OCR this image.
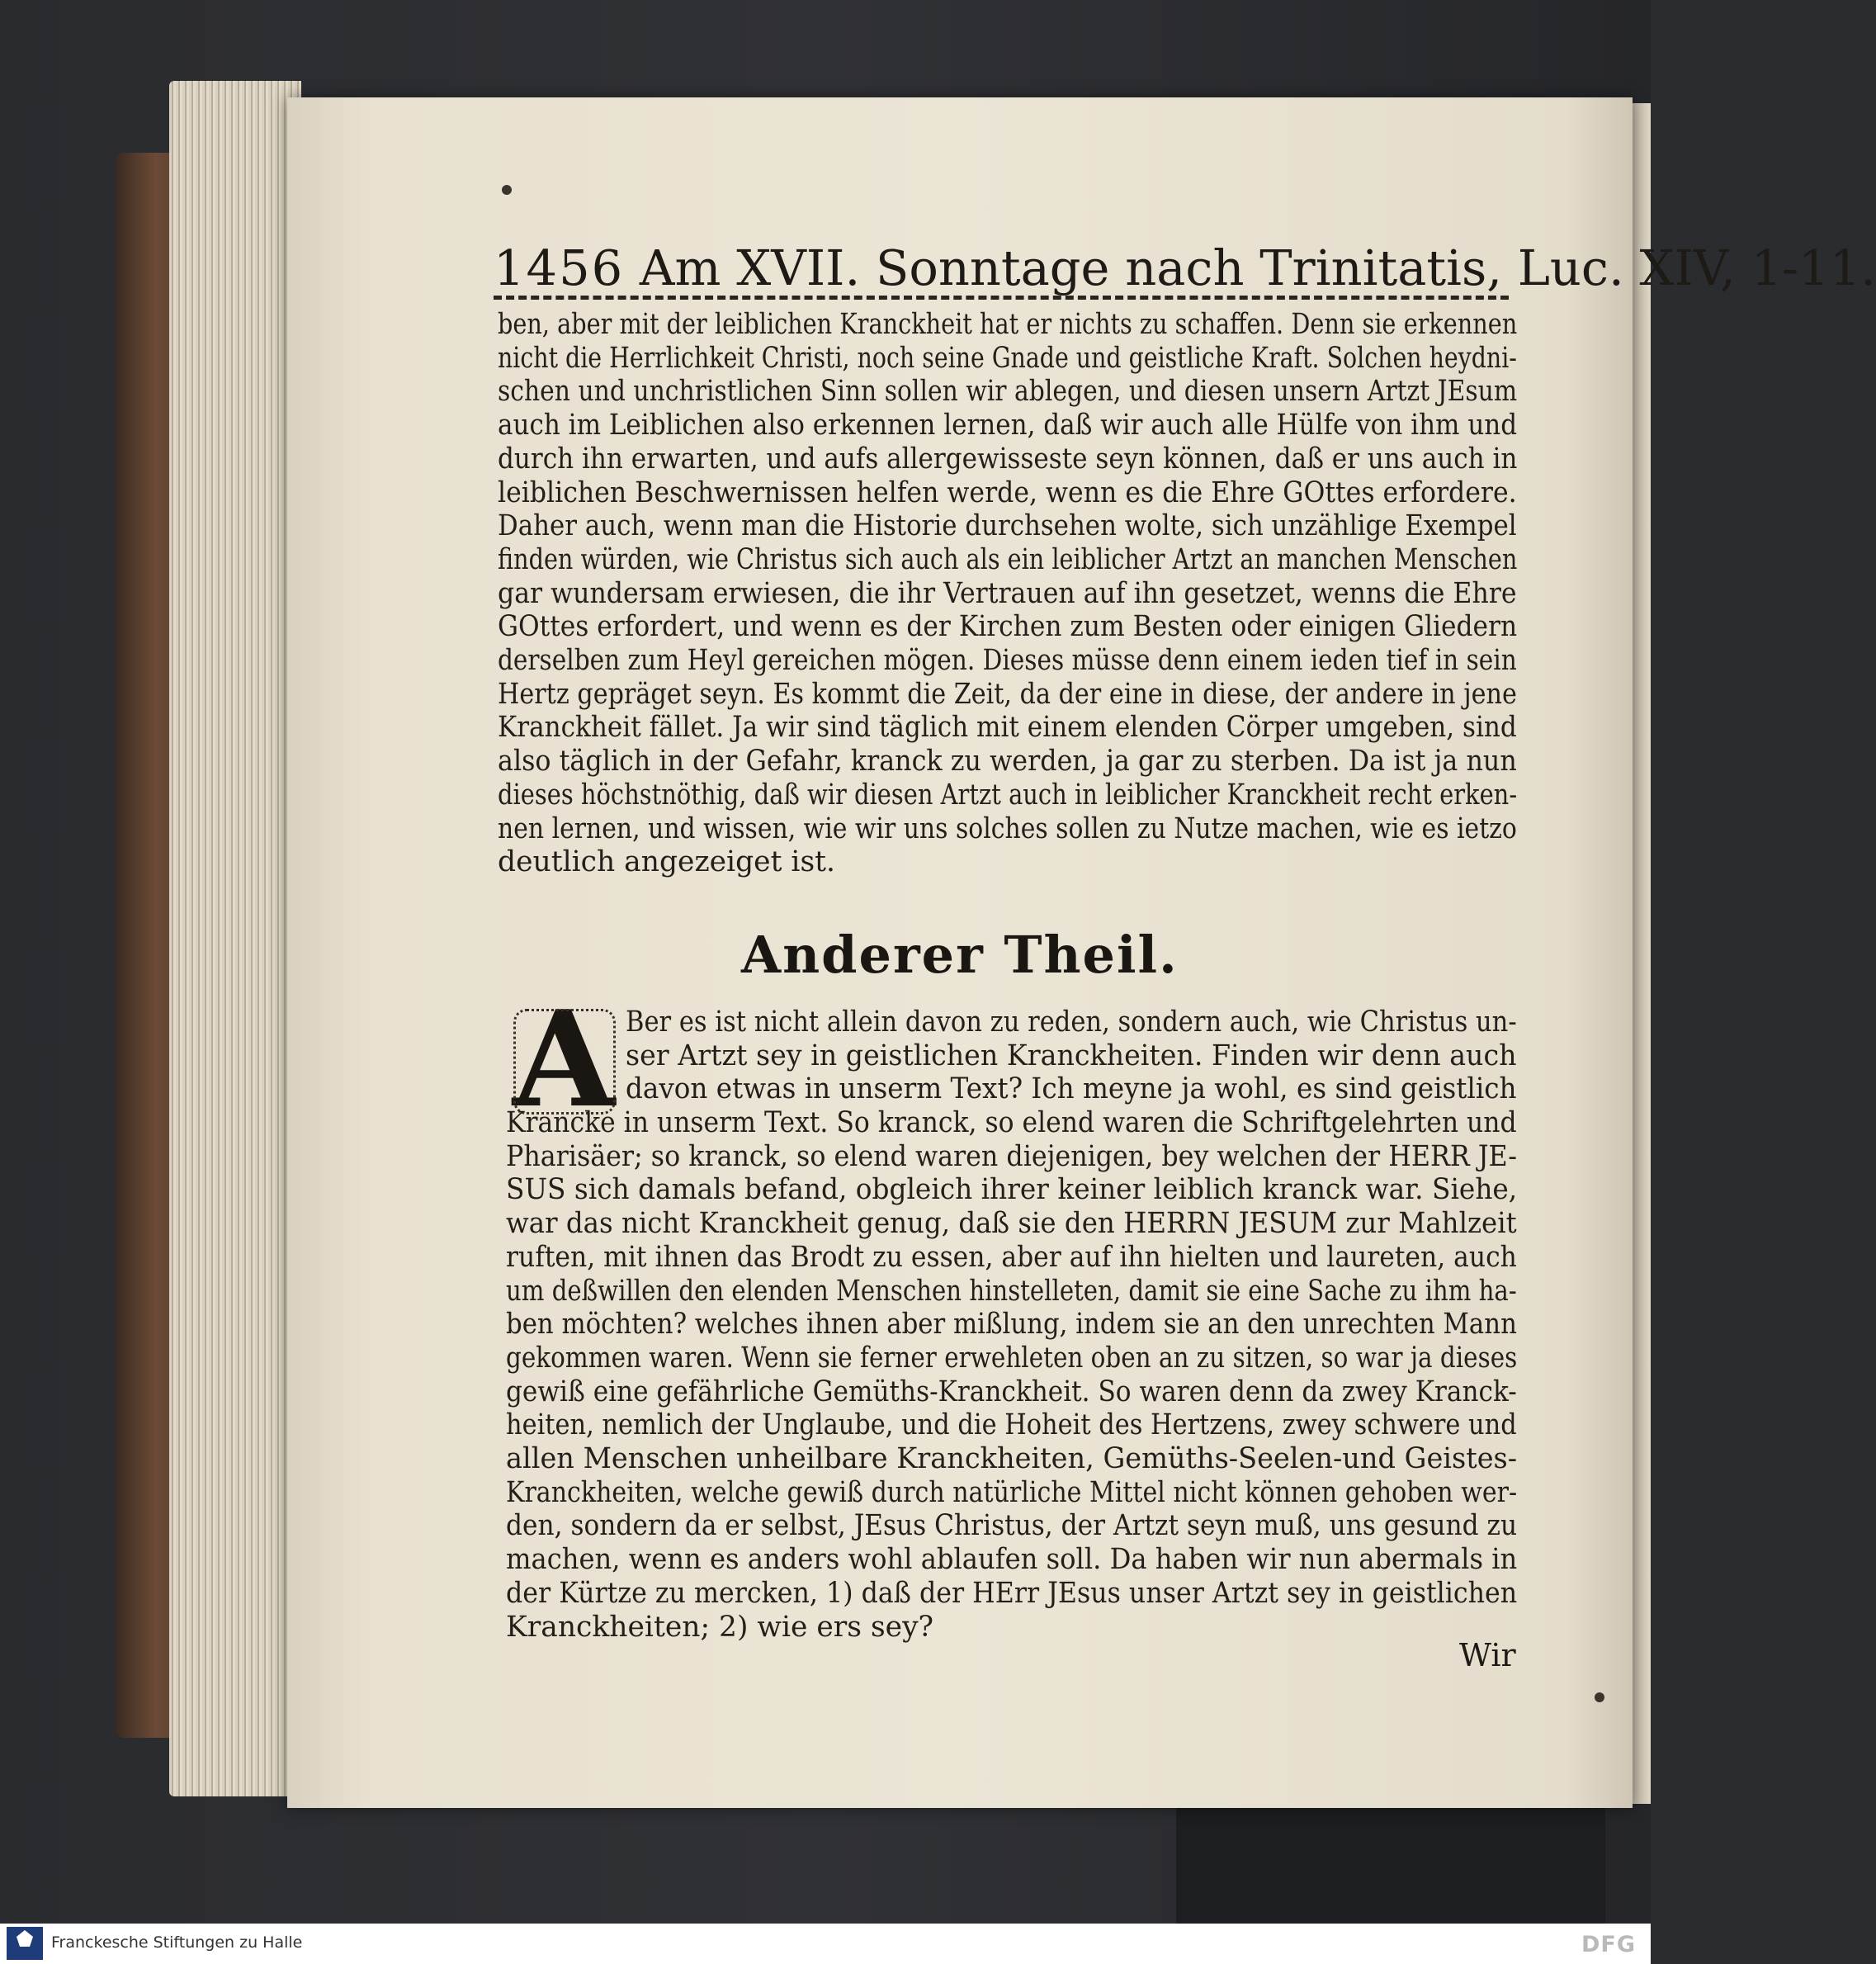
1456 Am XVII. Sonntage nach Trinitatis, Luc. XIV, 1-11.
ben, aber mit der leiblichen Kranckheit hat er nichts zu schaffen. Denn sie erkennen
nicht die Herrlichkeit Christi, noch seine Gnade und geistliche Kraft. Solchen heydni-
schen und unchristlichen Sinn sollen wir ablegen, und diesen unsern Artzt JEsum
auch im Leiblichen also erkennen lernen, daß wir auch alle Hülfe von ihm und
durch ihn erwarten, und aufs allergewisseste seyn können, daß er uns auch in
leiblichen Beschwernissen helfen werde, wenn es die Ehre GOttes erfordere.
Daher auch, wenn man die Historie durchsehen wolte, sich unzählige Exempel
finden würden, wie Christus sich auch als ein leiblicher Artzt an manchen Menschen
gar wundersam erwiesen, die ihr Vertrauen auf ihn gesetzet, wenns die Ehre
GOttes erfordert, und wenn es der Kirchen zum Besten oder einigen Gliedern
derselben zum Heyl gereichen mögen. Dieses müsse denn einem ieden tief in sein
Hertz gepräget seyn. Es kommt die Zeit, da der eine in diese, der andere in jene
Kranckheit fället. Ja wir sind täglich mit einem elenden Cörper umgeben, sind
also täglich in der Gefahr, kranck zu werden, ja gar zu sterben. Da ist ja nun
dieses höchstnöthig, daß wir diesen Artzt auch in leiblicher Kranckheit recht erken-
nen lernen, und wissen, wie wir uns solches sollen zu Nutze machen, wie es ietzo
deutlich angezeiget ist.
Anderer Theil.
A Ber es ist nicht allein davon zu reden, sondern auch, wie Christus un-
ser Artzt sey in geistlichen Kranckheiten. Finden wir denn auch
davon etwas in unserm Text? Ich meyne ja wohl, es sind geistlich
Krancke in unserm Text. So kranck, so elend waren die Schriftgelehrten und
Pharisäer; so kranck, so elend waren diejenigen, bey welchen der HERR JE-
SUS sich damals befand, obgleich ihrer keiner leiblich kranck war. Siehe,
war das nicht Kranckheit genug, daß sie den HERRN JESUM zur Mahlzeit
ruften, mit ihnen das Brodt zu essen, aber auf ihn hielten und laureten, auch
um deßwillen den elenden Menschen hinstelleten, damit sie eine Sache zu ihm ha-
ben möchten? welches ihnen aber mißlung, indem sie an den unrechten Mann
gekommen waren. Wenn sie ferner erwehleten oben an zu sitzen, so war ja dieses
gewiß eine gefährliche Gemüths-Kranckheit. So waren denn da zwey Kranck-
heiten, nemlich der Unglaube, und die Hoheit des Hertzens, zwey schwere und
allen Menschen unheilbare Kranckheiten, Gemüths-Seelen-und Geistes-
Kranckheiten, welche gewiß durch natürliche Mittel nicht können gehoben wer-
den, sondern da er selbst, JEsus Christus, der Artzt seyn muß, uns gesund zu
machen, wenn es anders wohl ablaufen soll. Da haben wir nun abermals in
der Kürtze zu mercken, 1) daß der HErr JEsus unser Artzt sey in geistlichen
Kranckheiten; 2) wie ers sey?
Wir
Franckesche Stiftungen zu Halle	DFG
